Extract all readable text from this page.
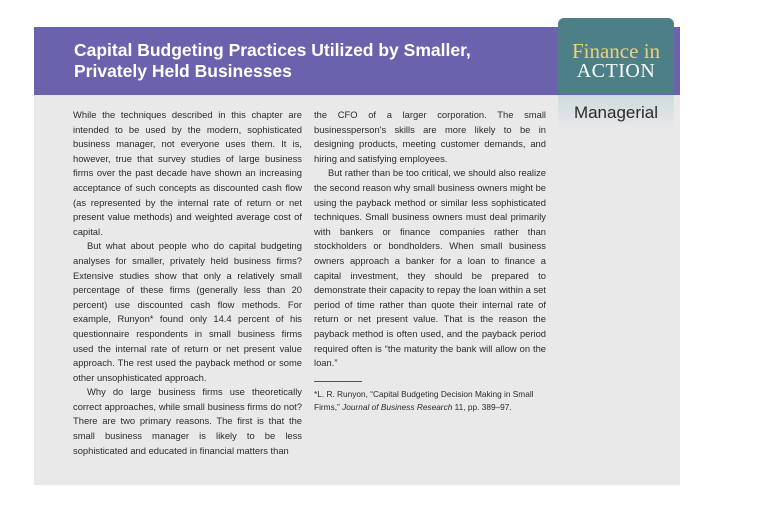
Capital Budgeting Practices Utilized by Smaller,
Privately Held Businesses
Finance in
ACTION
Managerial

While the techniques described in this chapter are intended to be used by the modern, sophisticated business manager, not everyone uses them. It is, however, true that survey studies of large business firms over the past decade have shown an increasing acceptance of such concepts as discounted cash flow (as represented by the internal rate of return or net present value methods) and weighted average cost of capital.

But what about people who do capital budgeting analyses for smaller, privately held business firms? Extensive studies show that only a relatively small percentage of these firms (generally less than 20 percent) use discounted cash flow methods. For example, Runyon* found only 14.4 percent of his questionnaire respondents in small business firms used the internal rate of return or net present value approach. The rest used the payback method or some other unsophisticated approach.

Why do large business firms use theoretically correct approaches, while small business firms do not? There are two primary reasons. The first is that the small business manager is likely to be less sophisticated and educated in financial matters than

the CFO of a larger corporation. The small businessperson's skills are more likely to be in designing products, meeting customer demands, and hiring and satisfying employees.

But rather than be too critical, we should also realize the second reason why small business owners might be using the payback method or similar less sophisticated techniques. Small business owners must deal primarily with bankers or finance companies rather than stockholders or bondholders. When small business owners approach a banker for a loan to finance a capital investment, they should be prepared to demonstrate their capacity to repay the loan within a set period of time rather than quote their internal rate of return or net present value. That is the reason the payback method is often used, and the payback period required often is “the maturity the bank will allow on the loan.”

*L. R. Runyon, “Capital Budgeting Decision Making in Small Firms,” Journal of Business Research 11, pp. 389–97.
